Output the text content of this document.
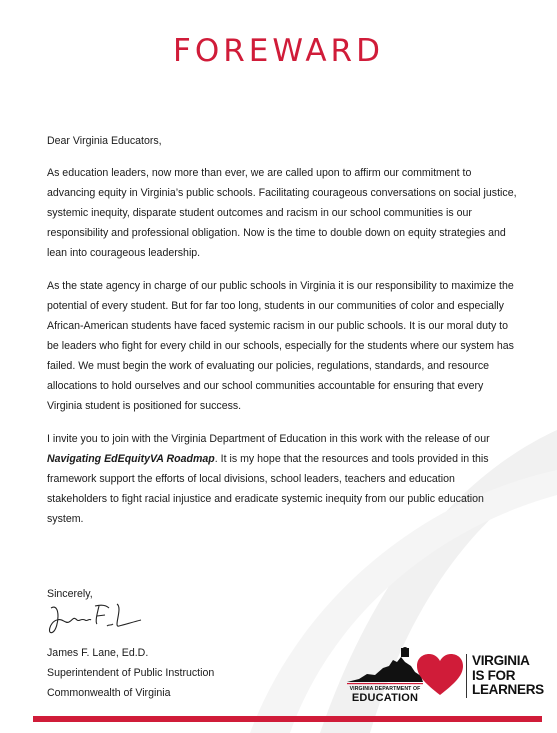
FOREWARD

Dear Virginia Educators,

As education leaders, now more than ever, we are called upon to affirm our commitment to advancing equity in Virginia’s public schools. Facilitating courageous conversations on social justice, systemic inequity, disparate student outcomes and racism in our school communities is our responsibility and professional obligation. Now is the time to double down on equity strategies and lean into courageous leadership.

As the state agency in charge of our public schools in Virginia it is our responsibility to maximize the potential of every student. But for far too long, students in our communities of color and especially African-American students have faced systemic racism in our public schools. It is our moral duty to be leaders who fight for every child in our schools, especially for the students where our system has failed. We must begin the work of evaluating our policies, regulations, standards, and resource allocations to hold ourselves and our school communities accountable for ensuring that every Virginia student is positioned for success.

I invite you to join with the Virginia Department of Education in this work with the release of our Navigating EdEquityVA Roadmap. It is my hope that the resources and tools provided in this framework support the efforts of local divisions, school leaders, teachers and education stakeholders to fight racial injustice and eradicate systemic inequity from our public education system.

Sincerely,
James F. Lane, Ed.D.
Superintendent of Public Instruction
Commonwealth of Virginia	VIRGINIA DEPARTMENT OF
EDUCATION
VIRGINIA
IS FOR
LEARNERS
